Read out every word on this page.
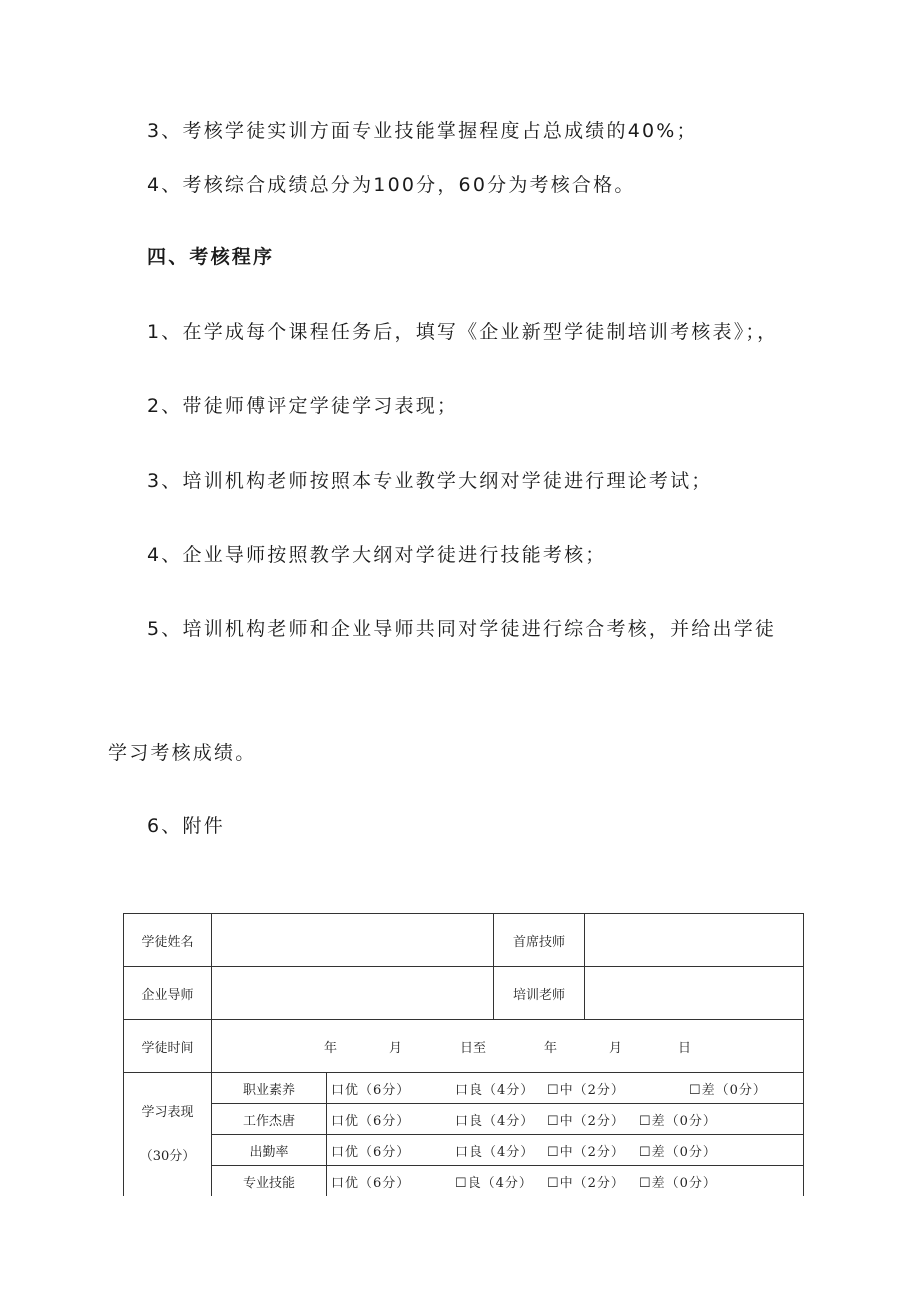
3、考核学徒实训方面专业技能掌握程度占总成绩的40%；
4、考核综合成绩总分为100分，60分为考核合格。
四、考核程序
1、在学成每个课程任务后，填写《企业新型学徒制培训考核表》；，
2、带徒师傅评定学徒学习表现；
3、培训机构老师按照本专业教学大纲对学徒进行理论考试；
4、企业导师按照教学大纲对学徒进行技能考核；
5、培训机构老师和企业导师共同对学徒进行综合考核，并给出学徒
学习考核成绩。
6、附件
学徒姓名			首席技师	
企业导师			培训老师	
学徒时间	年 月 日至 年 月 日			

学习表现
（30分）	职业素养	口优（6分） 口良（4分） ☐中（2分） ☐差（0分）		
	工作杰唐	口优（6分） 口良（4分） ☐中（2分） ☐差（0分）		
	出勤率	口优（6分） 口良（4分） ☐中（2分） ☐差（0分）		
	专业技能	口优（6分） ☐良（4分） ☐中（2分） ☐差（0分）		
